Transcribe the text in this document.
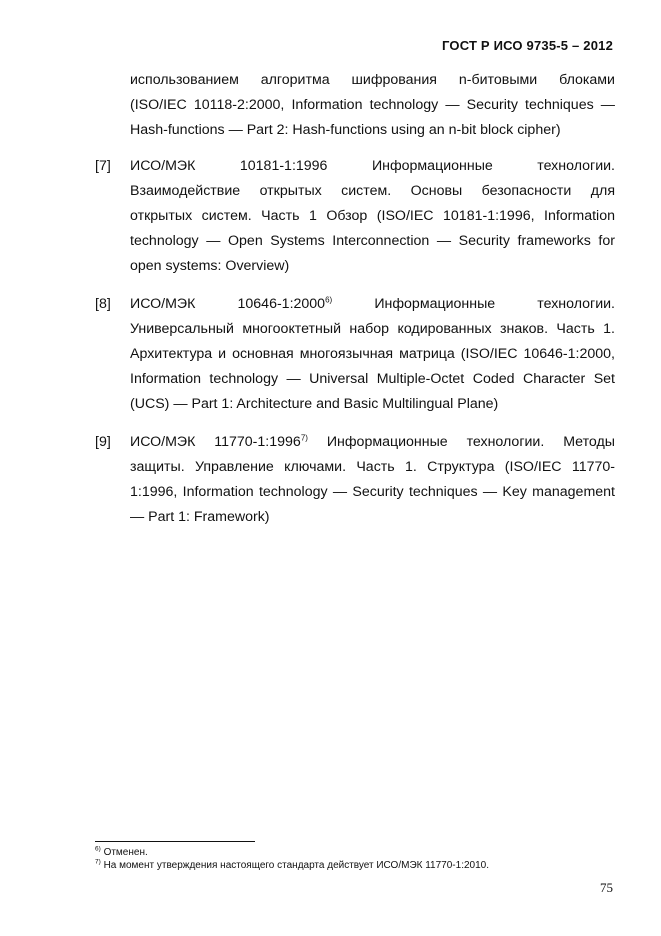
ГОСТ Р ИСО 9735-5 – 2012
использованием алгоритма шифрования n-битовыми блоками
(ISO/IEC 10118-2:2000, Information technology — Security techniques —
Hash-functions — Part 2: Hash-functions using an n-bit block cipher)
[7]	ИСО/МЭК 10181-1:1996 Информационные технологии.
Взаимодействие открытых систем. Основы безопасности для
открытых систем. Часть 1 Обзор (ISO/IEC 10181-1:1996, Information
technology — Open Systems Interconnection — Security frameworks for
open systems: Overview)
[8]	ИСО/МЭК 10646-1:2000$^{6)}$	Информационные технологии.
Универсальный многооктетный набор кодированных знаков. Часть 1.
Архитектура и основная многоязычная матрица (ISO/IEC 10646-1:2000,
Information technology — Universal Multiple-Octet Coded Character Set
(UCS) — Part 1: Architecture and Basic Multilingual Plane)
[9]	ИСО/МЭК 11770-1:1996$^{7)}$ Информационные технологии. Методы
защиты. Управление ключами. Часть 1. Структура (ISO/IEC 11770-
1:1996, Information technology — Security techniques — Key management
— Part 1: Framework)
$^{6)}$ Отменен.
$^{7)}$ На момент утверждения настоящего стандарта действует ИСО/МЭК 11770-1:2010.
75
